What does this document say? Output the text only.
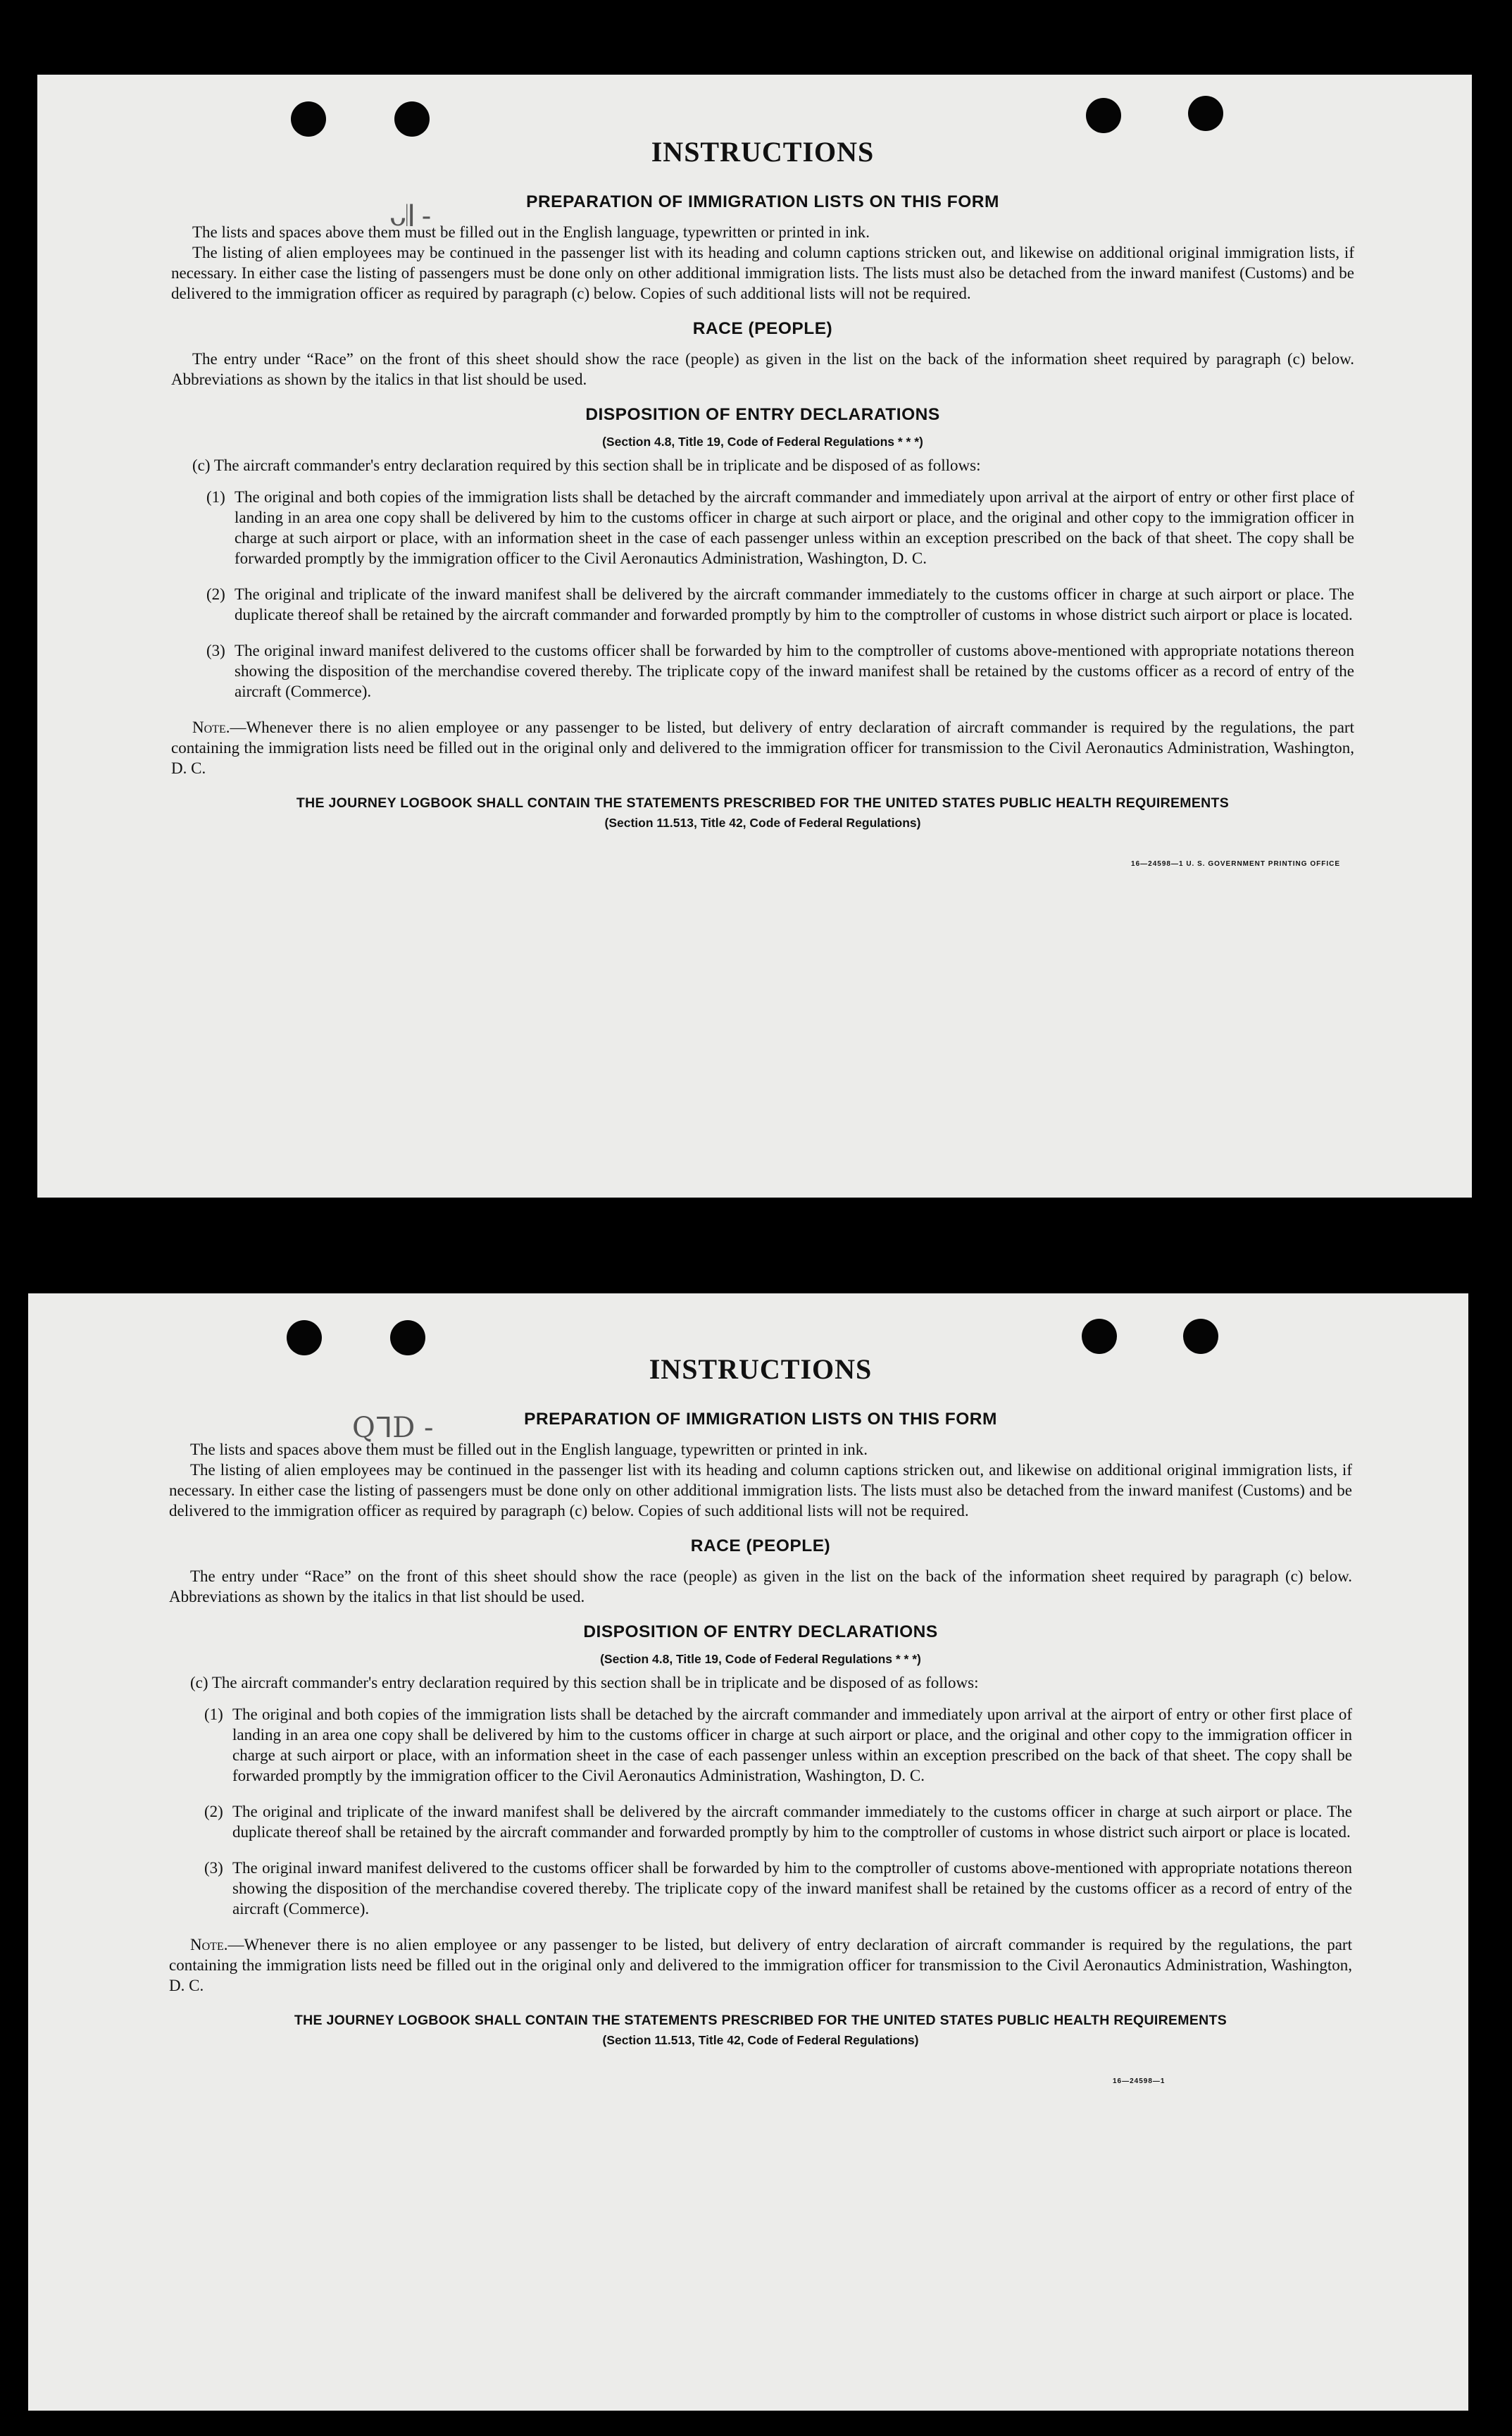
ᴗ𝄂 -
INSTRUCTIONS
PREPARATION OF IMMIGRATION LISTS ON THIS FORM

The lists and spaces above them must be filled out in the English language, typewritten or printed in ink.

The listing of alien employees may be continued in the passenger list with its heading and column captions stricken out, and likewise on additional original immigration lists, if necessary. In either case the listing of passengers must be done only on other additional immigration lists. The lists must also be detached from the inward manifest (Customs) and be delivered to the immigration officer as required by paragraph (c) below. Copies of such additional lists will not be required.

RACE (PEOPLE)

The entry under “Race” on the front of this sheet should show the race (people) as given in the list on the back of the information sheet required by paragraph (c) below. Abbreviations as shown by the italics in that list should be used.

DISPOSITION OF ENTRY DECLARATIONS
(Section 4.8, Title 19, Code of Federal Regulations * * *)

(c) The aircraft commander's entry declaration required by this section shall be in triplicate and be disposed of as follows:

(1) The original and both copies of the immigration lists shall be detached by the aircraft commander and immediately upon arrival at the airport of entry or other first place of landing in an area one copy shall be delivered by him to the customs officer in charge at such airport or place, and the original and other copy to the immigration officer in charge at such airport or place, with an information sheet in the case of each passenger unless within an exception prescribed on the back of that sheet. The copy shall be forwarded promptly by the immigration officer to the Civil Aeronautics Administration, Washington, D. C.

(2) The original and triplicate of the inward manifest shall be delivered by the aircraft commander immediately to the customs officer in charge at such airport or place. The duplicate thereof shall be retained by the aircraft commander and forwarded promptly by him to the comptroller of customs in whose district such airport or place is located.

(3) The original inward manifest delivered to the customs officer shall be forwarded by him to the comptroller of customs above-mentioned with appropriate notations thereon showing the disposition of the merchandise covered thereby. The triplicate copy of the inward manifest shall be retained by the customs officer as a record of entry of the aircraft (Commerce).

Note.—Whenever there is no alien employee or any passenger to be listed, but delivery of entry declaration of aircraft commander is required by the regulations, the part containing the immigration lists need be filled out in the original only and delivered to the immigration officer for transmission to the Civil Aeronautics Administration, Washington, D. C.

THE JOURNEY LOGBOOK SHALL CONTAIN THE STATEMENTS PRESCRIBED FOR THE UNITED STATES PUBLIC HEALTH REQUIREMENTS
(Section 11.513, Title 42, Code of Federal Regulations)
16—24598—1 U. S. GOVERNMENT PRINTING OFFICE
QᒣD -
INSTRUCTIONS
PREPARATION OF IMMIGRATION LISTS ON THIS FORM

The lists and spaces above them must be filled out in the English language, typewritten or printed in ink.

The listing of alien employees may be continued in the passenger list with its heading and column captions stricken out, and likewise on additional original immigration lists, if necessary. In either case the listing of passengers must be done only on other additional immigration lists. The lists must also be detached from the inward manifest (Customs) and be delivered to the immigration officer as required by paragraph (c) below. Copies of such additional lists will not be required.

RACE (PEOPLE)

The entry under “Race” on the front of this sheet should show the race (people) as given in the list on the back of the information sheet required by paragraph (c) below. Abbreviations as shown by the italics in that list should be used.

DISPOSITION OF ENTRY DECLARATIONS
(Section 4.8, Title 19, Code of Federal Regulations * * *)

(c) The aircraft commander's entry declaration required by this section shall be in triplicate and be disposed of as follows:

(1) The original and both copies of the immigration lists shall be detached by the aircraft commander and immediately upon arrival at the airport of entry or other first place of landing in an area one copy shall be delivered by him to the customs officer in charge at such airport or place, and the original and other copy to the immigration officer in charge at such airport or place, with an information sheet in the case of each passenger unless within an exception prescribed on the back of that sheet. The copy shall be forwarded promptly by the immigration officer to the Civil Aeronautics Administration, Washington, D. C.

(2) The original and triplicate of the inward manifest shall be delivered by the aircraft commander immediately to the customs officer in charge at such airport or place. The duplicate thereof shall be retained by the aircraft commander and forwarded promptly by him to the comptroller of customs in whose district such airport or place is located.

(3) The original inward manifest delivered to the customs officer shall be forwarded by him to the comptroller of customs above-mentioned with appropriate notations thereon showing the disposition of the merchandise covered thereby. The triplicate copy of the inward manifest shall be retained by the customs officer as a record of entry of the aircraft (Commerce).

Note.—Whenever there is no alien employee or any passenger to be listed, but delivery of entry declaration of aircraft commander is required by the regulations, the part containing the immigration lists need be filled out in the original only and delivered to the immigration officer for transmission to the Civil Aeronautics Administration, Washington, D. C.

THE JOURNEY LOGBOOK SHALL CONTAIN THE STATEMENTS PRESCRIBED FOR THE UNITED STATES PUBLIC HEALTH REQUIREMENTS
(Section 11.513, Title 42, Code of Federal Regulations)
16—24598—1
